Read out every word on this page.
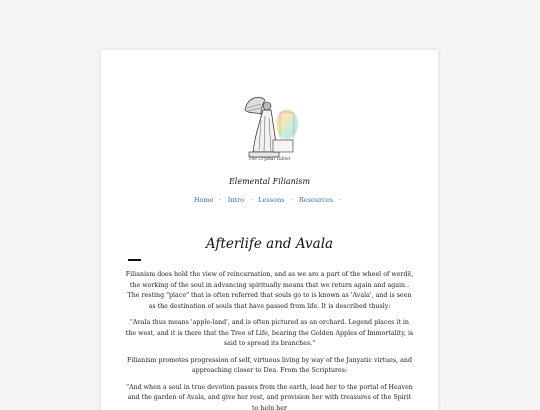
The Crystal Tablet
Elemental Filianism
Home · Intro · Lessons · Resources ·
Afterlife and Avala

Filianism does hold the view of reincarnation, and as we are a part of the wheel of werdē, the working of the soul in advancing spiritually means that we return again and again.. The resting "place" that is often referred that souls go to is known as 'Avala', and is seen as the destination of souls that have passed from life. It is described thusly:

"Avala thus means 'apple-land', and is often pictured as an orchard. Legend places it in the west, and it is there that the Tree of Life, bearing the Golden Apples of Immortality, is said to spread its branches."

Filianism promotes progression of self, virtuous living by way of the Janyatic virtues, and approaching closer to Dea. From the Scriptures:

"And when a soul in true devotion passes from the earth, lead her to the portal of Heaven and the garden of Avala, and give her rest, and provision her with treasures of the Spirit to help her
